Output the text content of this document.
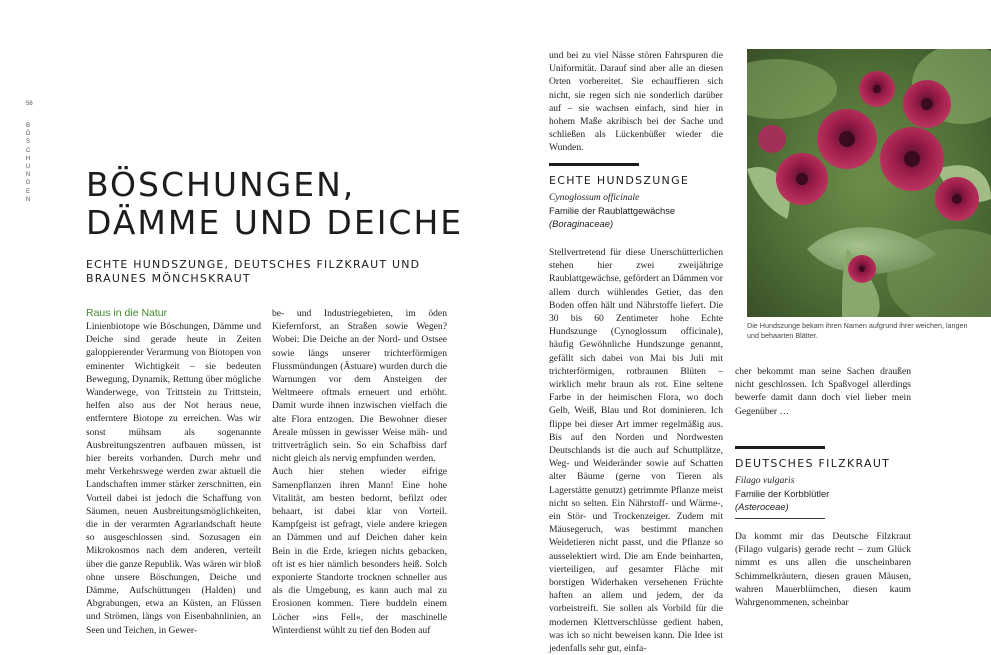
56
BÖSCHUNGEN BÖSCHUNGEN,
DÄMME UND DEICHE
ECHTE HUNDSZUNGE, DEUTSCHES FILZKRAUT UND BRAUNES MÖNCHSKRAUT
Raus in die Natur

Linienbiotope wie Böschungen, Dämme und Deiche sind gerade heute in Zeiten galoppierender Verarmung von Biotopen von eminenter Wichtigkeit – sie bedeuten Bewegung, Dynamik, Rettung über mögliche Wanderwege, von Trittstein zu Trittstein, helfen also aus der Not heraus neue, entferntere Biotope zu erreichen. Was wir sonst mühsam als sogenannte Ausbreitungszentren aufbauen müssen, ist hier bereits vorhanden. Durch mehr und mehr Verkehrswege werden zwar aktuell die Landschaften immer stärker zerschnitten, ein Vorteil dabei ist jedoch die Schaffung von Säumen, neuen Ausbreitungsmöglichkeiten, die in der verarmten Agrarlandschaft heute so ausgeschlossen sind. Sozusagen ein Mikrokosmos nach dem anderen, verteilt über die ganze Republik. Was wären wir bloß ohne unsere Böschungen, Deiche und Dämme, Aufschüttungen (Halden) und Abgrabungen, etwa an Küsten, an Flüssen und Strömen, längs von Eisenbahnlinien, an Seen und Teichen, in Gewer-

be- und Industriegebieten, im öden Kiefernforst, an Straßen sowie Wegen? Wobei: Die Deiche an der Nord- und Ostsee sowie längs unserer trichterförmigen Flussmündungen (Ästuare) wurden durch die Warnungen vor dem Ansteigen der Weltmeere oftmals erneuert und erhöht. Damit wurde ihnen inzwischen vielfach die alte Flora entzogen. Die Bewohner dieser Areale müssen in gewisser Weise mäh- und trittverträglich sein. So ein Schafbiss darf nicht gleich als nervig empfunden werden.

Auch hier stehen wieder eifrige Samenpflanzen ihren Mann! Eine hohe Vitalität, am besten bedornt, befilzt oder behaart, ist dabei klar von Vorteil. Kampfgeist ist gefragt, viele andere kriegen an Dämmen und auf Deichen daher kein Bein in die Erde, kriegen nichts gebacken, oft ist es hier nämlich besonders heiß. Solch exponierte Standorte trocknen schneller aus als die Umgebung, es kann auch mal zu Erosionen kommen. Tiere buddeln einem Löcher »ins Fell«, der maschinelle Winterdienst wühlt zu tief den Boden auf

und bei zu viel Nässe stören Fahrspuren die Uniformität. Darauf sind aber alle an diesen Orten vorbereitet. Sie echauffieren sich nicht, sie regen sich nie sonderlich darüber auf – sie wachsen einfach, sind hier in hohem Maße akribisch bei der Sache und schließen als Lückenbüßer wieder die Wunden.

ECHTE HUNDSZUNGE
Cynoglossum officinale
Familie der Raublattgewächse
(Boraginaceae)

Stellvertretend für diese Unerschütterlichen stehen hier zwei zweijährige Raublattgewächse, gefördert an Dämmen vor allem durch wühlendes Getier, das den Boden offen hält und Nährstoffe liefert. Die 30 bis 60 Zentimeter hohe Echte Hundszunge (Cynoglossum officinale), häufig Gewöhnliche Hundszunge genannt, gefällt sich dabei von Mai bis Juli mit trichterförmigen, rotbraunen Blüten – wirklich mehr braun als rot. Eine seltene Farbe in der heimischen Flora, wo doch Gelb, Weiß, Blau und Rot dominieren. Ich flippe bei dieser Art immer regelmäßig aus. Bis auf den Norden und Nordwesten Deutschlands ist die auch auf Schuttplätze, Weg- und Weideränder sowie auf Schatten alter Bäume (gerne von Tieren als Lagerstätte genutzt) getrimmte Pflanze meist nicht so selten. Ein Nährstoff- und Wärme-, ein Stör- und Trockenzeiger. Zudem mit Mäusegeruch, was bestimmt manchen Weidetieren nicht passt, und die Pflanze so ausselektiert wird. Die am Ende beinharten, vierteiligen, auf gesamter Fläche mit borstigen Widerhaken versehenen Früchte haften an allem und jedem, der da vorbeistreift. Sie sollen als Vorbild für die modernen Klettverschlüsse gedient haben, was ich so nicht beweisen kann. Die Idee ist jedenfalls sehr gut, einfa-

Die Hundszunge bekam ihren Namen aufgrund ihrer weichen, langen und behaarten Blätter.

cher bekommt man seine Sachen draußen nicht geschlossen. Ich Spaßvogel allerdings bewerfe damit dann doch viel lieber mein Gegenüber …

DEUTSCHES FILZKRAUT
Filago vulgaris
Familie der Korbblütler
(Asteroceae)

Da kommt mir das Deutsche Filzkraut (Filago vulgaris) gerade recht – zum Glück nimmt es uns allen die unscheinbaren Schimmelkräutern, diesen grauen Mäusen, wahren Mauerblümchen, diesen kaum Wahrgenommenen, scheinbar
